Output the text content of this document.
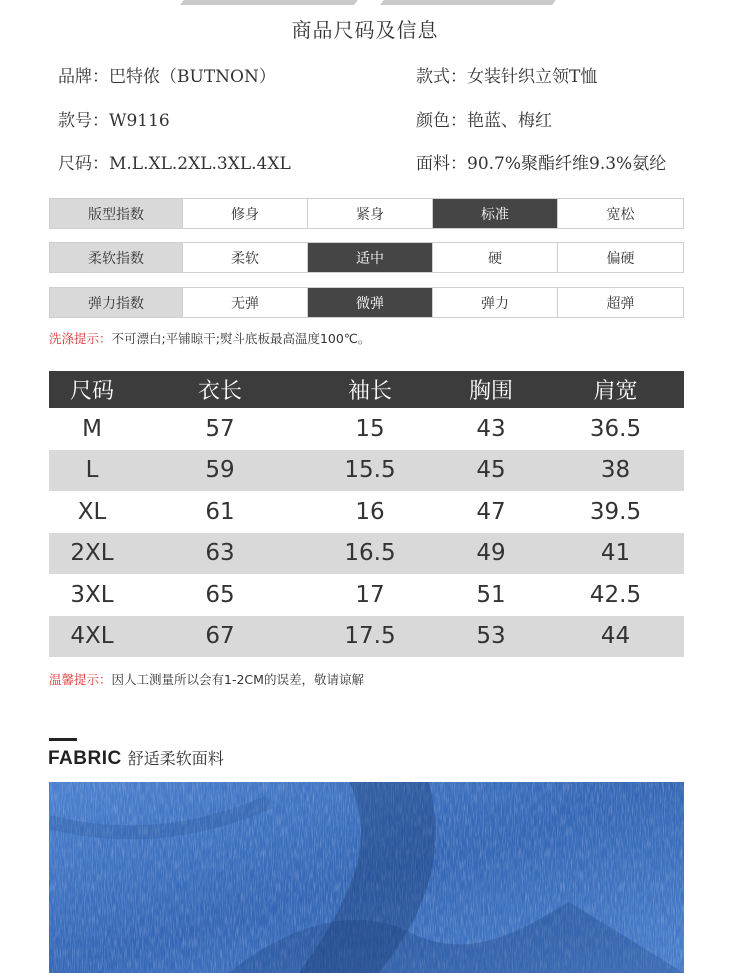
商品尺码及信息
品牌：巴特侬（BUTNON）	款式：女装针织立领T恤
款号：W9116	颜色：艳蓝、梅红
尺码：M.L.XL.2XL.3XL.4XL	面料：90.7%聚酯纤维9.3%氨纶
版型指数	修身	紧身	标准	宽松
柔软指数	柔软	适中	硬	偏硬
弹力指数	无弹	微弹	弹力	超弹
洗涤提示：不可漂白;平铺晾干;熨斗底板最高温度100℃。
尺码	衣长	袖长	胸围	肩宽
M	57	15	43	36.5
L	59	15.5	45	38
XL	61	16	47	39.5
2XL	63	16.5	49	41
3XL	65	17	51	42.5
4XL	67	17.5	53	44
温馨提示：因人工测量所以会有1-2CM的误差，敬请谅解
FABRIC 舒适柔软面料
